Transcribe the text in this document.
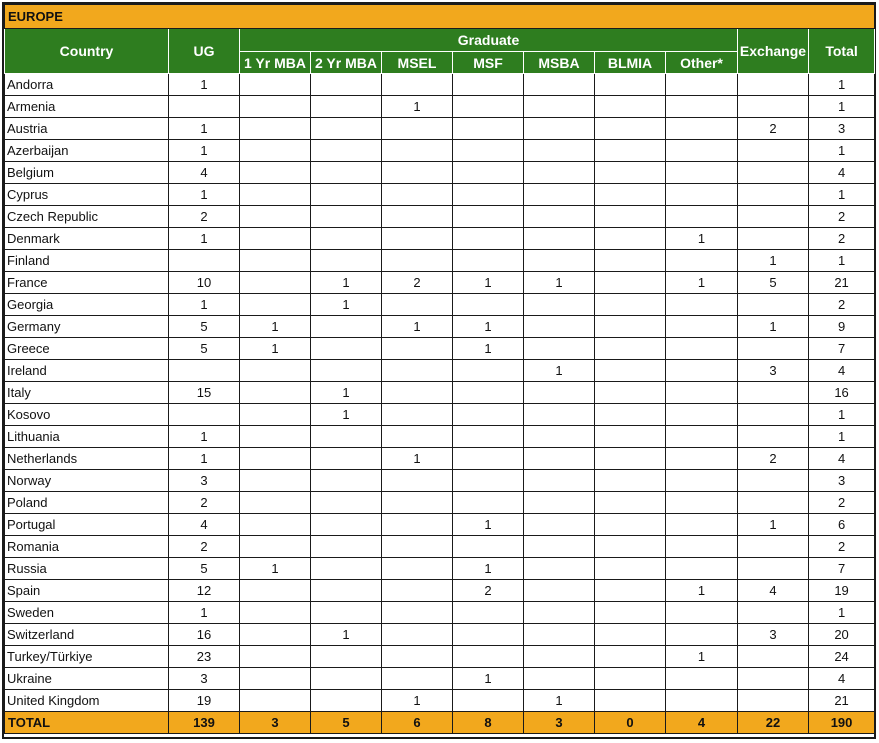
EUROPE										
Country	UG	Graduate							Exchange	Total
		1 Yr MBA	2 Yr MBA	MSEL	MSF	MSBA	BLMIA	Other*		
Andorra	1									1
Armenia				1						1
Austria	1								2	3
Azerbaijan	1									1
Belgium	4									4
Cyprus	1									1
Czech Republic	2									2
Denmark	1							1		2
Finland									1	1
France	10		1	2	1	1		1	5	21
Georgia	1		1							2
Germany	5	1		1	1				1	9
Greece	5	1			1					7
Ireland						1			3	4
Italy	15		1							16
Kosovo			1							1
Lithuania	1									1
Netherlands	1			1					2	4
Norway	3									3
Poland	2									2
Portugal	4				1				1	6
Romania	2									2
Russia	5	1			1					7
Spain	12				2			1	4	19
Sweden	1									1
Switzerland	16		1						3	20
Turkey/Türkiye	23							1		24
Ukraine	3				1					4
United Kingdom	19			1		1				21
TOTAL	139	3	5	6	8	3	0	4	22	190
